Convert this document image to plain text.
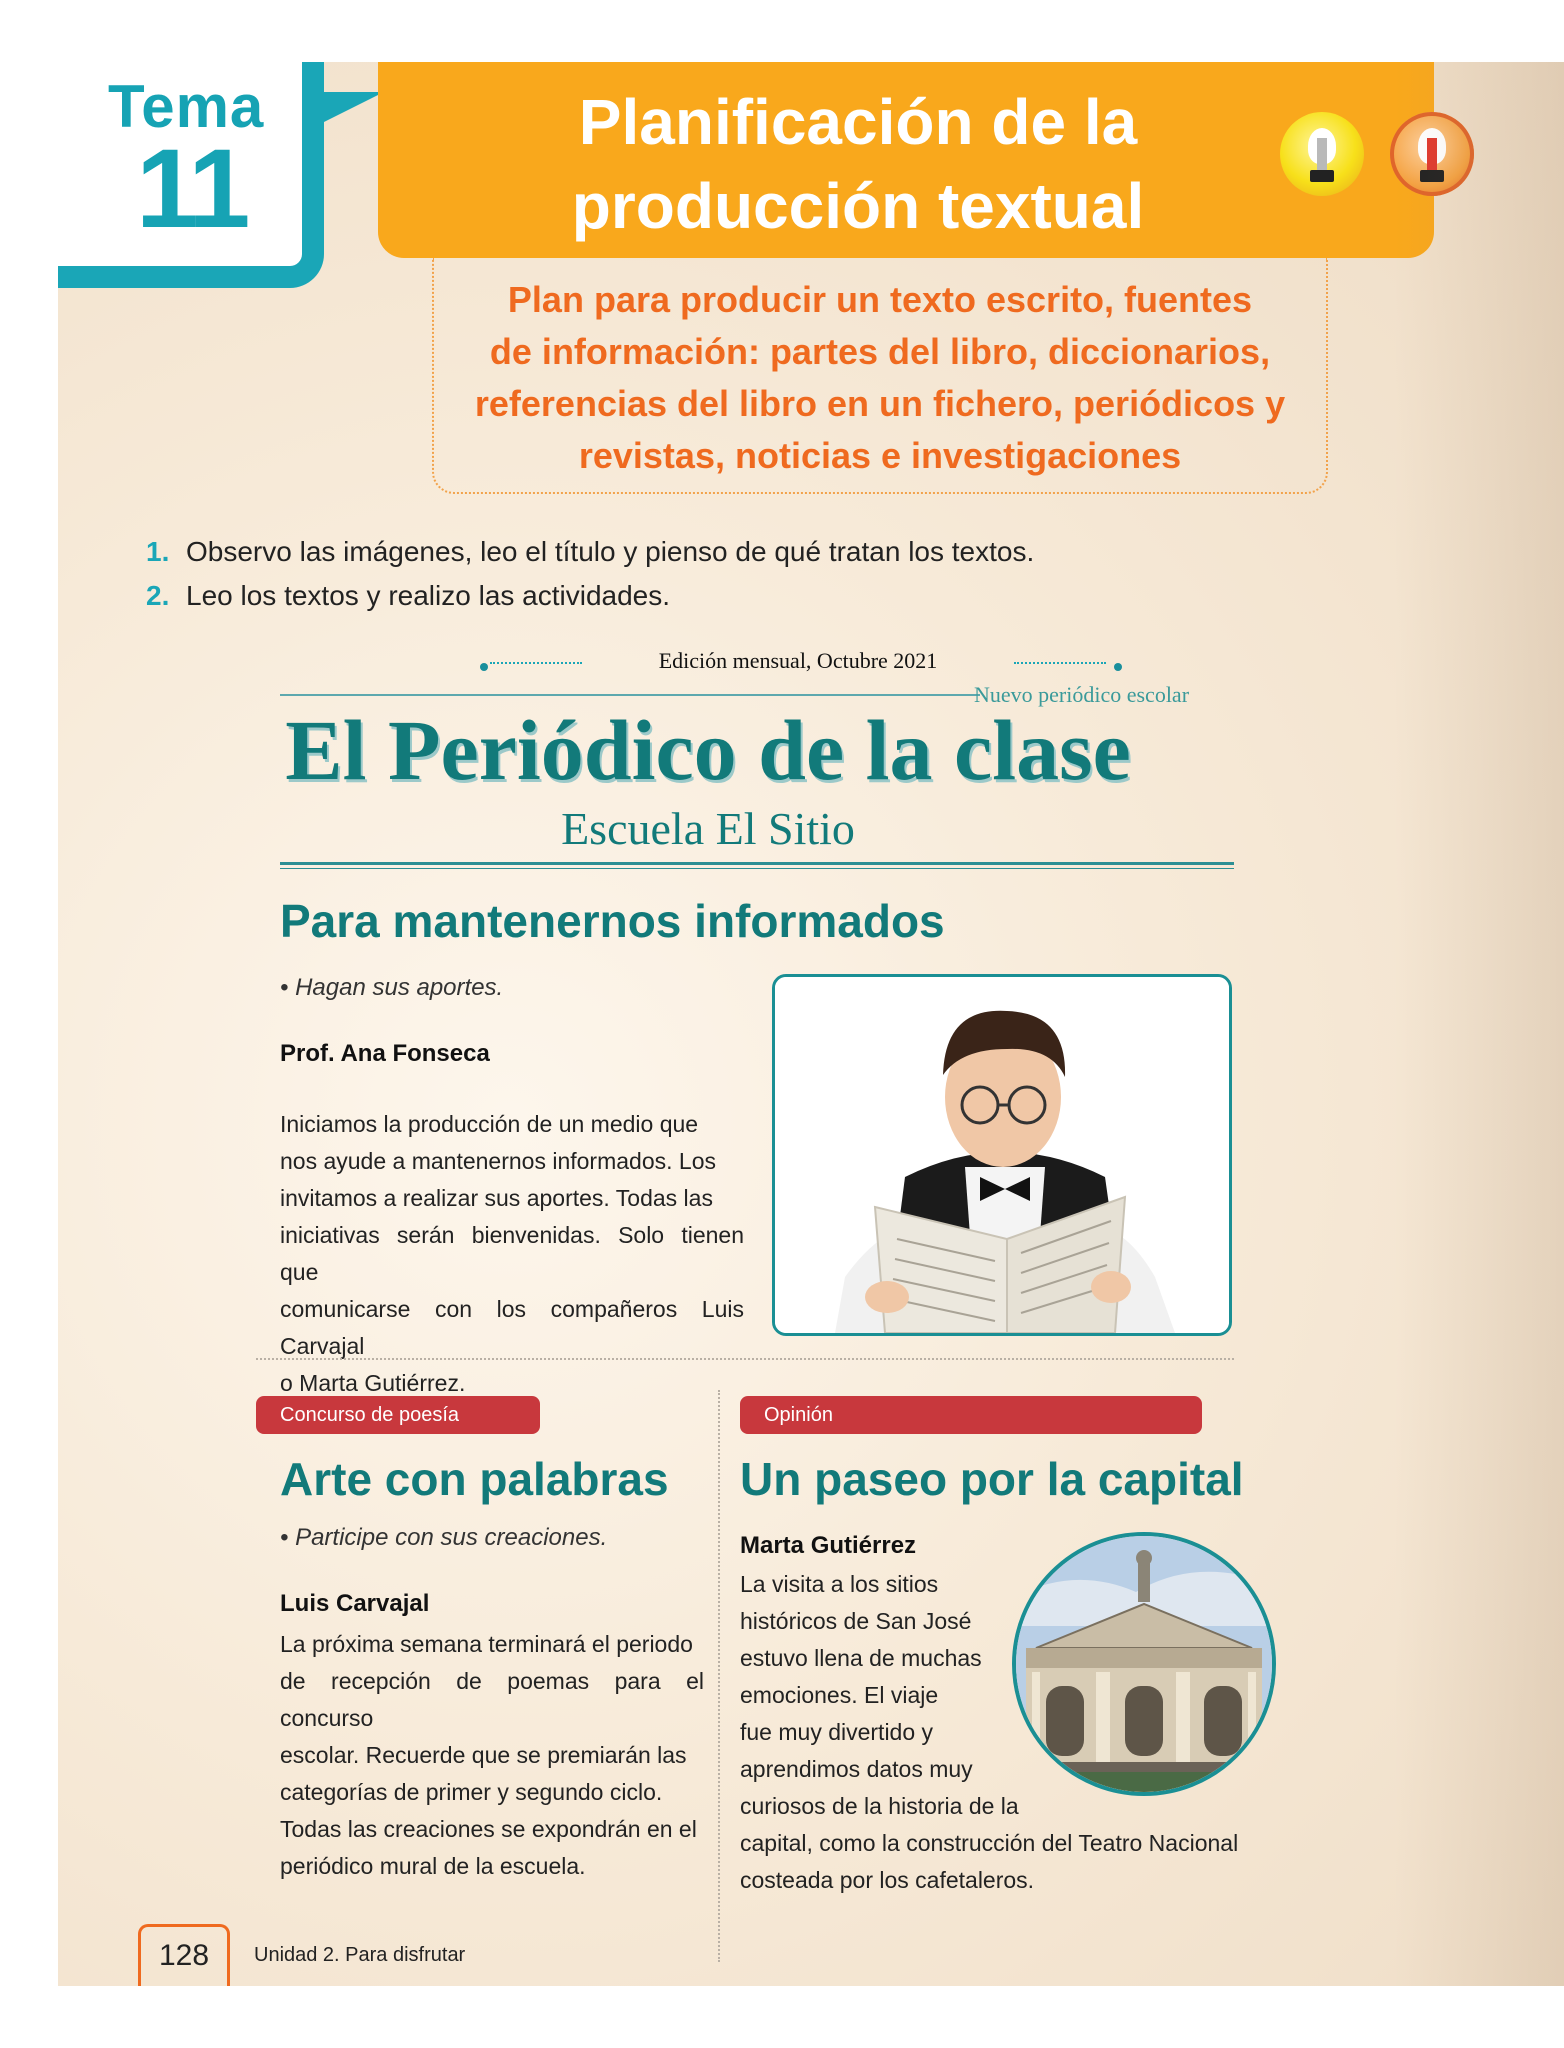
Tema
11
Planificación de la
producción textual
Plan para producir un texto escrito, fuentes
de información: partes del libro, diccionarios,
referencias del libro en un fichero, periódicos y
revistas, noticias e investigaciones
1. Observo las imágenes, leo el título y pienso de qué tratan los textos.
2. Leo los textos y realizo las actividades.
Edición mensual, Octubre 2021
Nuevo periódico escolar
El Periódico de la clase
Escuela El Sitio
Para mantenernos informados
• Hagan sus aportes.
Prof. Ana Fonseca
Iniciamos la producción de un medio que
nos ayude a mantenernos informados. Los
invitamos a realizar sus aportes. Todas las
iniciativas serán bienvenidas. Solo tienen que
comunicarse con los compañeros Luis Carvajal
o Marta Gutiérrez.
Concurso de poesía
Arte con palabras
• Participe con sus creaciones.
Luis Carvajal
La próxima semana terminará el periodo
de recepción de poemas para el concurso
escolar. Recuerde que se premiarán las
categorías de primer y segundo ciclo.
Todas las creaciones se expondrán en el
periódico mural de la escuela.
Opinión
Un paseo por la capital
Marta Gutiérrez
La visita a los sitios
históricos de San José
estuvo llena de muchas
emociones. El viaje
fue muy divertido y
aprendimos datos muy
curiosos de la historia de la
capital, como la construcción del Teatro Nacional
costeada por los cafetaleros.
128	Unidad 2. Para disfrutar
